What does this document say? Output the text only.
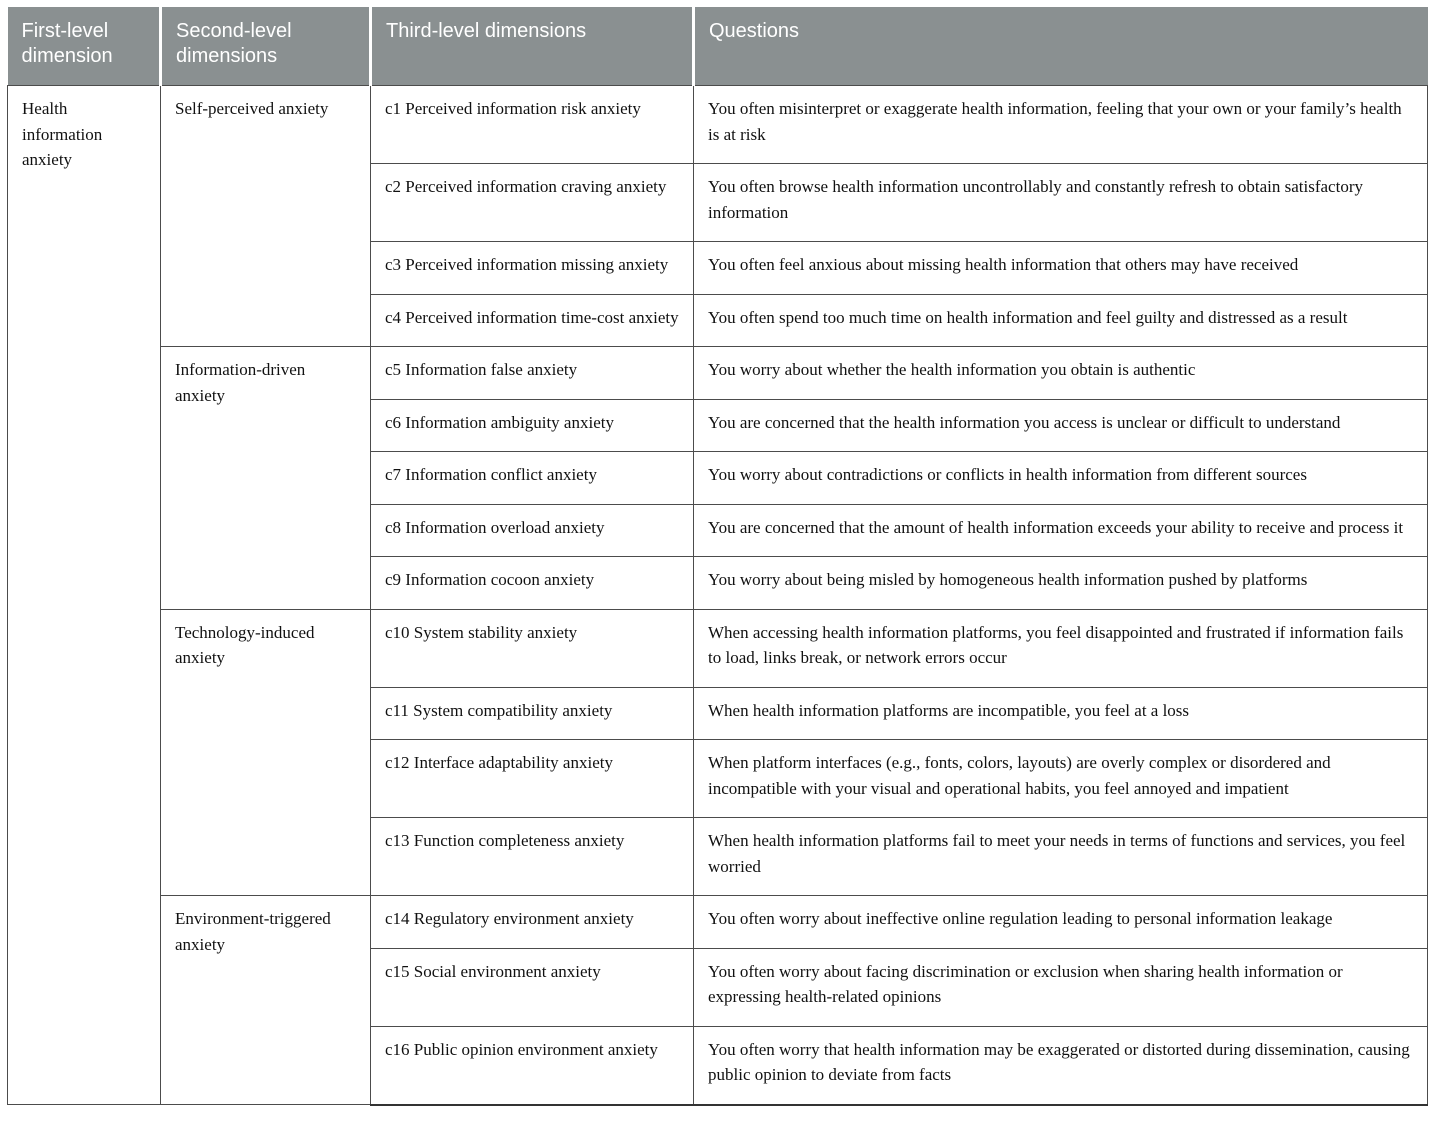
First-level dimension	Second-level dimensions	Third-level dimensions	Questions
Health information anxiety	Self-perceived anxiety	c1 Perceived information risk anxiety	You often misinterpret or exaggerate health information, feeling that your own or your family’s health is at risk
		c2 Perceived information craving anxiety	You often browse health information uncontrollably and constantly refresh to obtain satisfactory information
		c3 Perceived information missing anxiety	You often feel anxious about missing health information that others may have received
		c4 Perceived information time-cost anxiety	You often spend too much time on health information and feel guilty and distressed as a result
	Information-driven anxiety	c5 Information false anxiety	You worry about whether the health information you obtain is authentic
		c6 Information ambiguity anxiety	You are concerned that the health information you access is unclear or difficult to understand
		c7 Information conflict anxiety	You worry about contradictions or conflicts in health information from different sources
		c8 Information overload anxiety	You are concerned that the amount of health information exceeds your ability to receive and process it
		c9 Information cocoon anxiety	You worry about being misled by homogeneous health information pushed by platforms
	Technology-induced anxiety	c10 System stability anxiety	When accessing health information platforms, you feel disappointed and frustrated if information fails to load, links break, or network errors occur
		c11 System compatibility anxiety	When health information platforms are incompatible, you feel at a loss
		c12 Interface adaptability anxiety	When platform interfaces (e.g., fonts, colors, layouts) are overly complex or disordered and incompatible with your visual and operational habits, you feel annoyed and impatient
		c13 Function completeness anxiety	When health information platforms fail to meet your needs in terms of functions and services, you feel worried
	Environment-triggered anxiety	c14 Regulatory environment anxiety	You often worry about ineffective online regulation leading to personal information leakage
		c15 Social environment anxiety	You often worry about facing discrimination or exclusion when sharing health information or expressing health-related opinions
		c16 Public opinion environment anxiety	You often worry that health information may be exaggerated or distorted during dissemination, causing public opinion to deviate from facts
